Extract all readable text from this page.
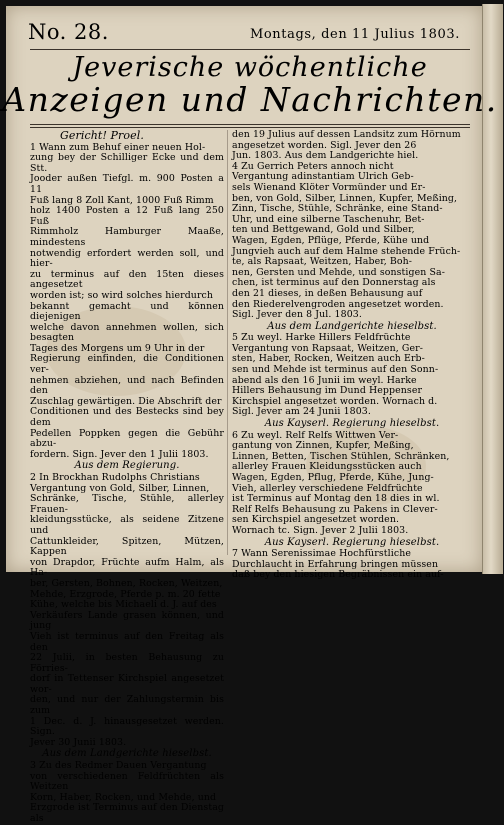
No. 28.	Montags, den 11 Julius 1803.
Jeverische wöchentliche
Anzeigen und Nachrichten.
Gericht! Proel.

1 Wann zum Behuf einer neuen Hol-
zung bey der Schilliger Ecke und dem Stt.
Jooder außen Tiefgl. m. 900 Posten a 11
Fuß lang 8 Zoll Kant, 1000 Fuß Rimm
holz 1400 Posten a 12 Fuß lang 250 Fuß
Rimmholz Hamburger Maaße, mindestens
notwendig erfordert werden soll, und hier-
zu terminus auf den 15ten dieses angesetzet
worden ist; so wird solches hierdurch
bekannt gemacht und können diejenigen
welche davon annehmen wollen, sich besagten
Tages des Morgens um 9 Uhr in der
Regierung einfinden, die Conditionen ver-
nehmen abziehen, und nach Befinden den
Zuschlag gewärtigen. Die Abschrift der
Conditionen und des Bestecks sind bey dem
Pedellen Poppken gegen die Gebühr abzu-
fordern. Sign. Jever den 1 Julii 1803.

Aus dem Regierung.

2 In Brockhan Rudolphs Christians
Vergantung von Gold, Silber, Linnen,
Schränke, Tische, Stühle, allerley Frauen-
kleidungsstücke, als seidene Zitzene und
Cattunkleider, Spitzen, Mützen, Kappen
von Drapdor, Früchte aufm Halm, als Ha-
ber, Gersten, Bohnen, Rocken, Weitzen,
Mehde, Erzgrode, Pferde p. m. 20 fette
Kühe, welche bis Michaeli d. J. auf des
Verkäufers Lande grasen können, und jung
Vieh ist terminus auf den Freitag als den
22 Julii, in besten Behausung zu Förries-
dorf in Tettenser Kirchspiel angesetzet wor-
den, und nur der Zahlungstermin bis zum
1 Dec. d. J. hinausgesetzet werden. Sign.
Jever 30 Junii 1803.

Aus dem Landgerichte hieselbst.

3 Zu des Redmer Dauen Vergantung
von verschiedenen Feldfrüchten als Weitzen
Korn, Haber, Rocken, und Mehde, und
Erzgrode ist Terminus auf den Dienstag als

den 19 Julius auf dessen Landsitz zum Hörnum
angesetzet worden. Sigl. Jever den 26
Jun. 1803. Aus dem Landgerichte hiel.
4 Zu Gerrich Peters annoch nicht
Vergantung adinstantiam Ulrich Geb-
sels Wienand Klöter Vormünder und Er-
ben, von Gold, Silber, Linnen, Kupfer, Meßing,
Zinn, Tische, Stühle, Schränke, eine Stand-
Uhr, und eine silberne Taschenuhr, Bet-
ten und Bettgewand, Gold und Silber,
Wagen, Egden, Pflüge, Pferde, Kühe und
Jungvieh auch auf dem Halme stehende Früch-
te, als Rapsaat, Weitzen, Haber, Boh-
nen, Gersten und Mehde, und sonstigen Sa-
chen, ist terminus auf den Donnerstag als
den 21 dieses, in deßen Behausung auf
den Riederelvengroden angesetzet worden.
Sigl. Jever den 8 Jul. 1803.

Aus dem Landgerichte hieselbst.

5 Zu weyl. Harke Hillers Feldfrüchte
Vergantung von Rapsaat, Weitzen, Ger-
sten, Haber, Rocken, Weitzen auch Erb-
sen und Mehde ist terminus auf den Sonn-
abend als den 16 Junii im weyl. Harke
Hillers Behausung im Dund Heppenser
Kirchspiel angesetzet worden. Wornach d.
Sigl. Jever am 24 Junii 1803.

Aus Kayserl. Regierung hieselbst.

6 Zu weyl. Relf Relfs Wittwen Ver-
gantung von Zinnen, Kupfer, Meßing,
Linnen, Betten, Tischen Stühlen, Schränken,
allerley Frauen Kleidungsstücken auch
Wagen, Egden, Pflug, Pferde, Kühe, Jung-
Vieh, allerley verschiedene Feldfrüchte
ist Terminus auf Montag den 18 dies in wl.
Relf Relfs Behausung zu Pakens in Clever-
sen Kirchspiel angesetzet worden.
Wornach tc. Sign. Jever 2 Julii 1803.

Aus Kayserl. Regierung hieselbst.

7 Wann Serenissimae Hochfürstliche
Durchlaucht in Erfahrung bringen müssen
daß bey den hiesigen Begräbnissen ein auf-
